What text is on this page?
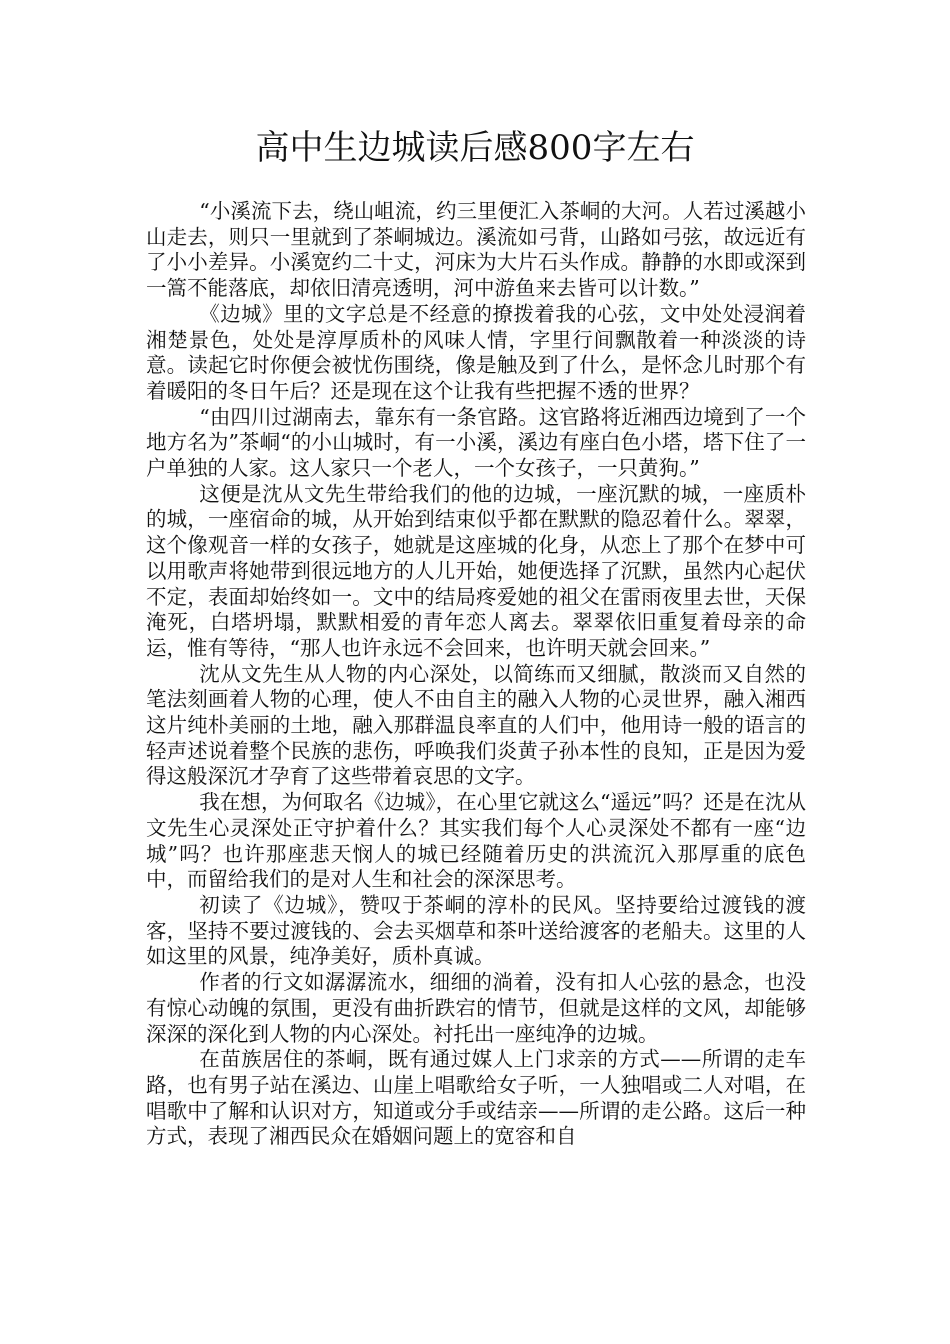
高中生边城读后感800字左右

“小溪流下去，绕山岨流，约三里便汇入茶峒的大河。人若过溪越小山走去，则只一里就到了茶峒城边。溪流如弓背，山路如弓弦，故远近有了小小差异。小溪宽约二十丈，河床为大片石头作成。静静的水即或深到一篙不能落底，却依旧清亮透明，河中游鱼来去皆可以计数。”

《边城》里的文字总是不经意的撩拨着我的心弦，文中处处浸润着湘楚景色，处处是淳厚质朴的风味人情，字里行间飘散着一种淡淡的诗意。读起它时你便会被忧伤围绕，像是触及到了什么，是怀念儿时那个有着暖阳的冬日午后？还是现在这个让我有些把握不透的世界？

“由四川过湖南去，靠东有一条官路。这官路将近湘西边境到了一个地方名为”茶峒“的小山城时，有一小溪，溪边有座白色小塔，塔下住了一户单独的人家。这人家只一个老人，一个女孩子，一只黄狗。”

这便是沈从文先生带给我们的他的边城，一座沉默的城，一座质朴的城，一座宿命的城，从开始到结束似乎都在默默的隐忍着什么。翠翠，这个像观音一样的女孩子，她就是这座城的化身，从恋上了那个在梦中可以用歌声将她带到很远地方的人儿开始，她便选择了沉默，虽然内心起伏不定，表面却始终如一。文中的结局疼爱她的祖父在雷雨夜里去世，天保淹死，白塔坍塌，默默相爱的青年恋人离去。翠翠依旧重复着母亲的命运，惟有等待，“那人也许永远不会回来，也许明天就会回来。”

沈从文先生从人物的内心深处，以简练而又细腻，散淡而又自然的笔法刻画着人物的心理，使人不由自主的融入人物的心灵世界，融入湘西这片纯朴美丽的土地，融入那群温良率直的人们中，他用诗一般的语言的轻声述说着整个民族的悲伤，呼唤我们炎黄子孙本性的良知，正是因为爱得这般深沉才孕育了这些带着哀思的文字。

我在想，为何取名《边城》，在心里它就这么“遥远”吗？还是在沈从文先生心灵深处正守护着什么？其实我们每个人心灵深处不都有一座“边城”吗？也许那座悲天悯人的城已经随着历史的洪流沉入那厚重的底色中，而留给我们的是对人生和社会的深深思考。

初读了《边城》，赞叹于茶峒的淳朴的民风。坚持要给过渡钱的渡客，坚持不要过渡钱的、会去买烟草和茶叶送给渡客的老船夫。这里的人如这里的风景，纯净美好，质朴真诚。

作者的行文如潺潺流水，细细的淌着，没有扣人心弦的悬念，也没有惊心动魄的氛围，更没有曲折跌宕的情节，但就是这样的文风，却能够深深的深化到人物的内心深处。衬托出一座纯净的边城。

在苗族居住的茶峒，既有通过媒人上门求亲的方式——所谓的走车路，也有男子站在溪边、山崖上唱歌给女子听，一人独唱或二人对唱，在唱歌中了解和认识对方，知道或分手或结亲——所谓的走公路。这后一种方式，表现了湘西民众在婚姻问题上的宽容和自
